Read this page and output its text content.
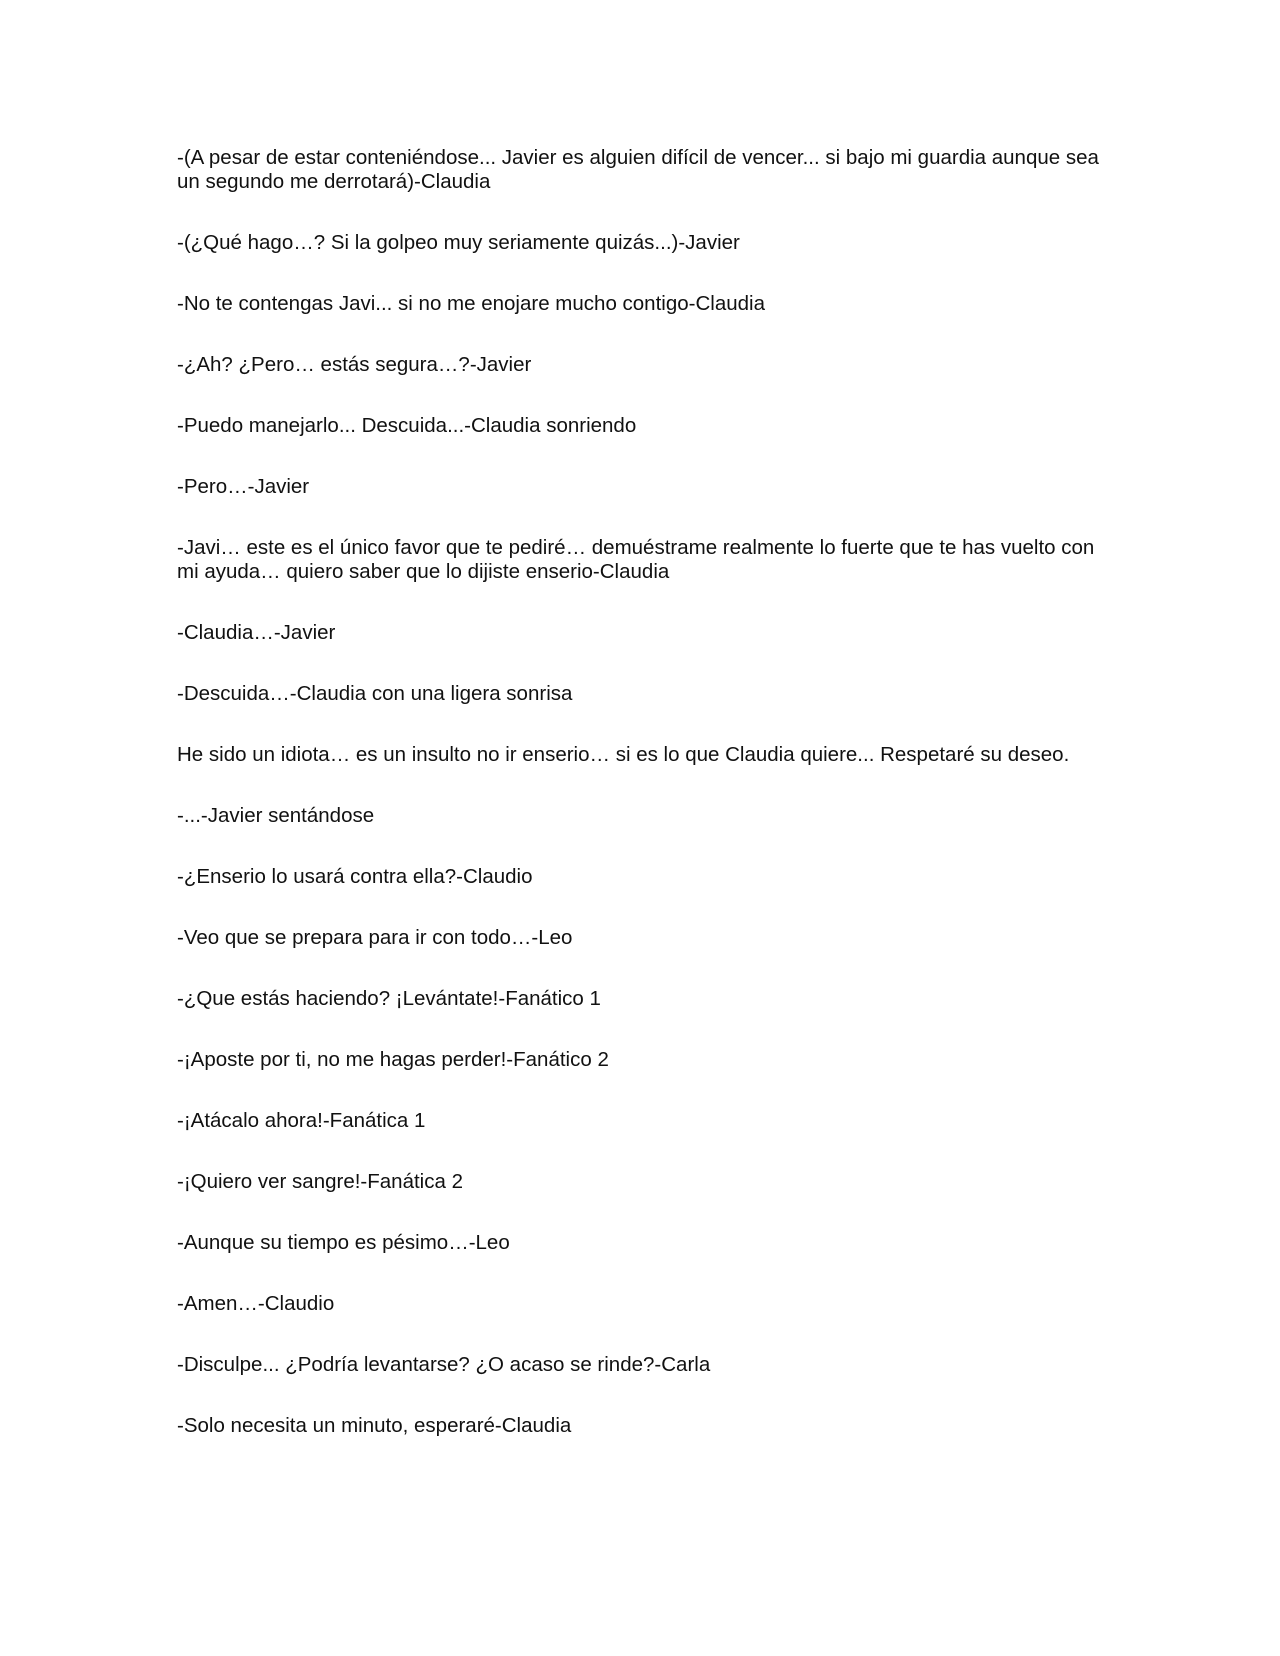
-(A pesar de estar conteniéndose... Javier es alguien difícil de vencer... si bajo mi guardia aunque sea un segundo me derrotará)-Claudia

-(¿Qué hago…? Si la golpeo muy seriamente quizás...)-Javier

-No te contengas Javi... si no me enojare mucho contigo-Claudia

-¿Ah? ¿Pero… estás segura…?-Javier

-Puedo manejarlo... Descuida...-Claudia sonriendo

-Pero…-Javier

-Javi… este es el único favor que te pediré… demuéstrame realmente lo fuerte que te has vuelto con mi ayuda… quiero saber que lo dijiste enserio-Claudia

-Claudia…-Javier

-Descuida…-Claudia con una ligera sonrisa

He sido un idiota… es un insulto no ir enserio… si es lo que Claudia quiere... Respetaré su deseo.

-...-Javier sentándose

-¿Enserio lo usará contra ella?-Claudio

-Veo que se prepara para ir con todo…-Leo

-¿Que estás haciendo? ¡Levántate!-Fanático 1

-¡Aposte por ti, no me hagas perder!-Fanático 2

-¡Atácalo ahora!-Fanática 1

-¡Quiero ver sangre!-Fanática 2

-Aunque su tiempo es pésimo…-Leo

-Amen…-Claudio

-Disculpe... ¿Podría levantarse? ¿O acaso se rinde?-Carla

-Solo necesita un minuto, esperaré-Claudia
